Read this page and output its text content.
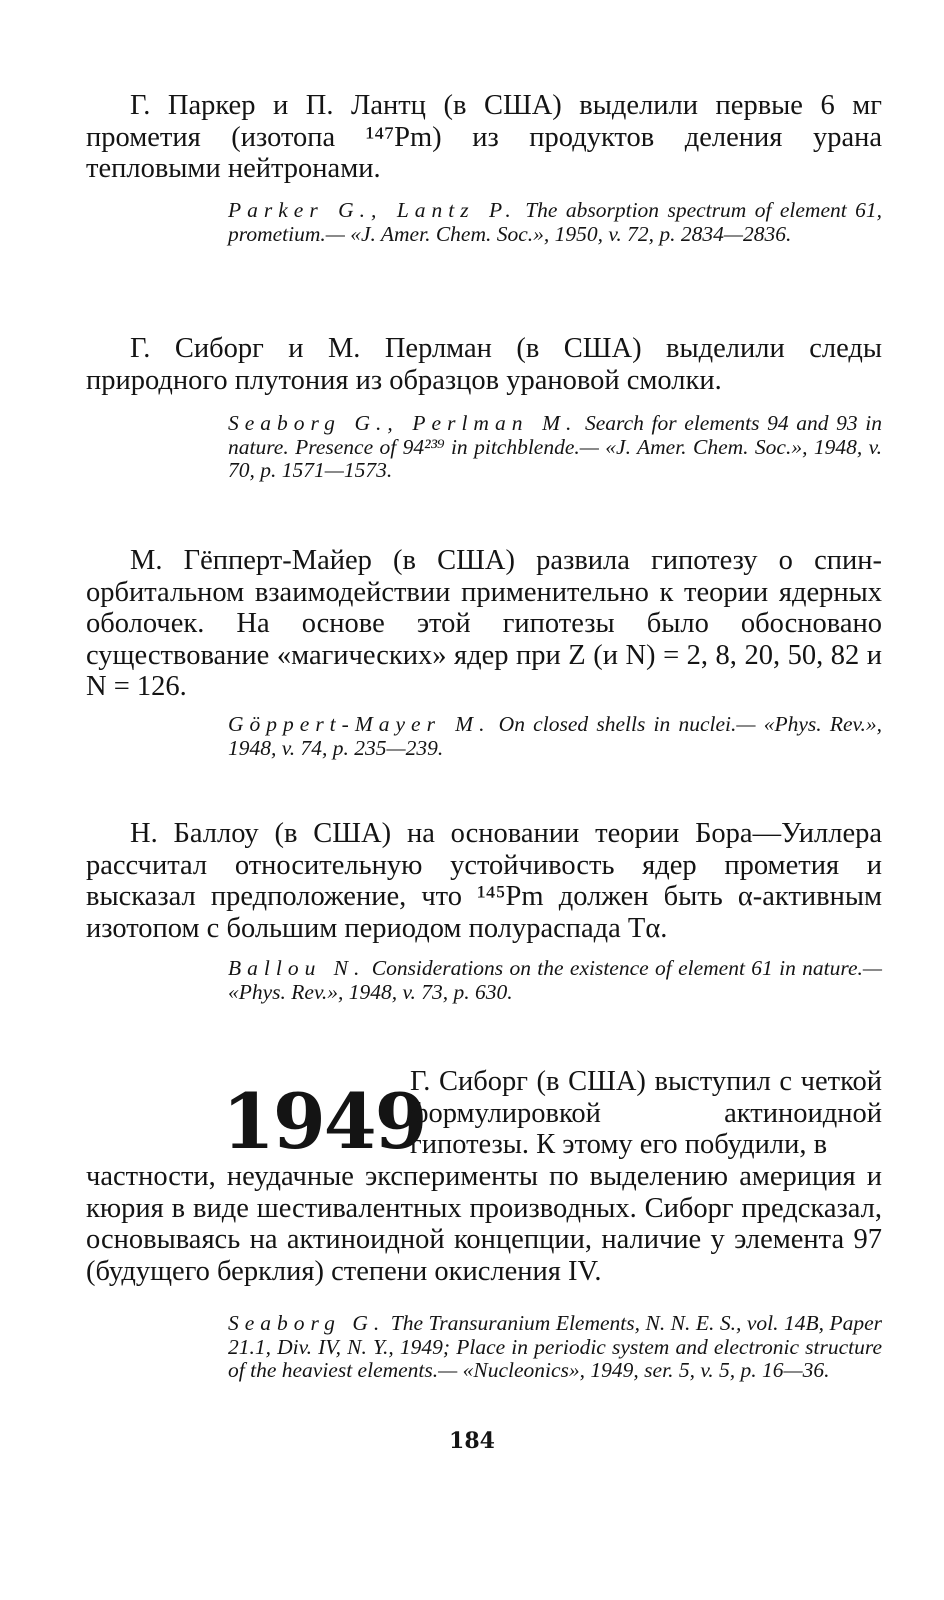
Г. Паркер и П. Лантц (в США) выделили первые 6 мг прометия (изотопа ¹⁴⁷Pm) из продуктов деления урана тепловыми нейтронами.

Parker G., Lantz P. The absorption spectrum of element 61, prometium.— «J. Amer. Chem. Soc.», 1950, v. 72, p. 2834—2836.

Г. Сиборг и М. Перлман (в США) выделили следы природного плутония из образцов урановой смолки.

Seaborg G., Perlman M. Search for elements 94 and 93 in nature. Presence of 94²³⁹ in pitchblende.— «J. Amer. Chem. Soc.», 1948, v. 70, p. 1571—1573.

М. Гёпперт-Майер (в США) развила гипотезу о спин-орбитальном взаимодействии применительно к теории ядерных оболочек. На основе этой гипотезы было обосновано существование «магических» ядер при Z (и N) = 2, 8, 20, 50, 82 и N = 126.

Göppert-Mayer M. On closed shells in nuclei.— «Phys. Rev.», 1948, v. 74, p. 235—239.

Н. Баллоу (в США) на основании теории Бора—Уиллера рассчитал относительную устойчивость ядер прометия и высказал предположение, что ¹⁴⁵Pm должен быть α-активным изотопом с большим периодом полураспада Tα.

Ballou N. Considerations on the existence of element 61 in nature.— «Phys. Rev.», 1948, v. 73, p. 630.

1949

Г. Сиборг (в США) выступил с четкой формулировкой актиноидной гипотезы. К этому его побудили, в

частности, неудачные эксперименты по выделению америция и кюрия в виде шестивалентных производных. Сиборг предсказал, основываясь на актиноидной концепции, наличие у элемента 97 (будущего берклия) степени окисления IV.

Seaborg G. The Transuranium Elements, N. N. E. S., vol. 14B, Paper 21.1, Div. IV, N. Y., 1949; Place in periodic system and electronic structure of the heaviest elements.— «Nucleonics», 1949, ser. 5, v. 5, p. 16—36.

184
